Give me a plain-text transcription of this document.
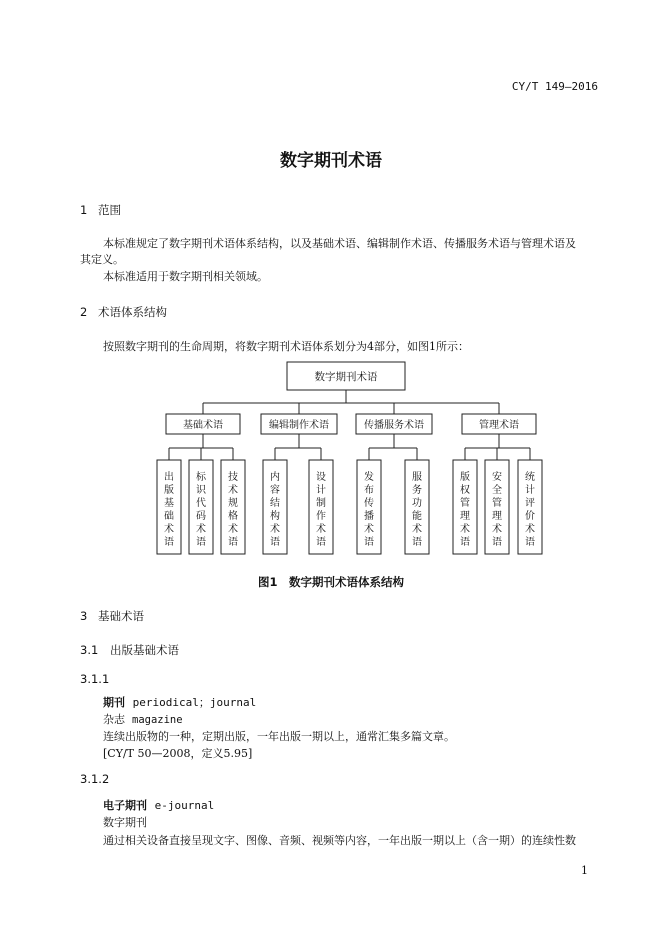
CY/T 149—2016
数字期刊术语
1 范围
本标准规定了数字期刊术语体系结构，以及基础术语、编辑制作术语、传播服务术语与管理术语及
其定义。
本标准适用于数字期刊相关领域。
2 术语体系结构
按照数字期刊的生命周期，将数字期刊术语体系划分为4部分，如图1所示：
数字期刊术语
基础术语
出
版
基
础
术
语
标
识
代
码
术
语
技
术
规
格
术
语
编辑制作术语
内
容
结
构
术
语
设
计
制
作
术
语
传播服务术语
发
布
传
播
术
语
服
务
功
能
术
语
管理术语
版
权
管
理
术
语
安
全
管
理
术
语
统
计
评
价
术
语
图1　数字期刊术语体系结构
3 基础术语
3.1 出版基础术语
3.1.1
期刊 periodical；journal
杂志 magazine
连续出版物的一种，定期出版，一年出版一期以上，通常汇集多篇文章。
[CY/T 50—2008，定义5.95]
3.1.2
电子期刊 e-journal
数字期刊
通过相关设备直接呈现文字、图像、音频、视频等内容，一年出版一期以上（含一期）的连续性数
1
